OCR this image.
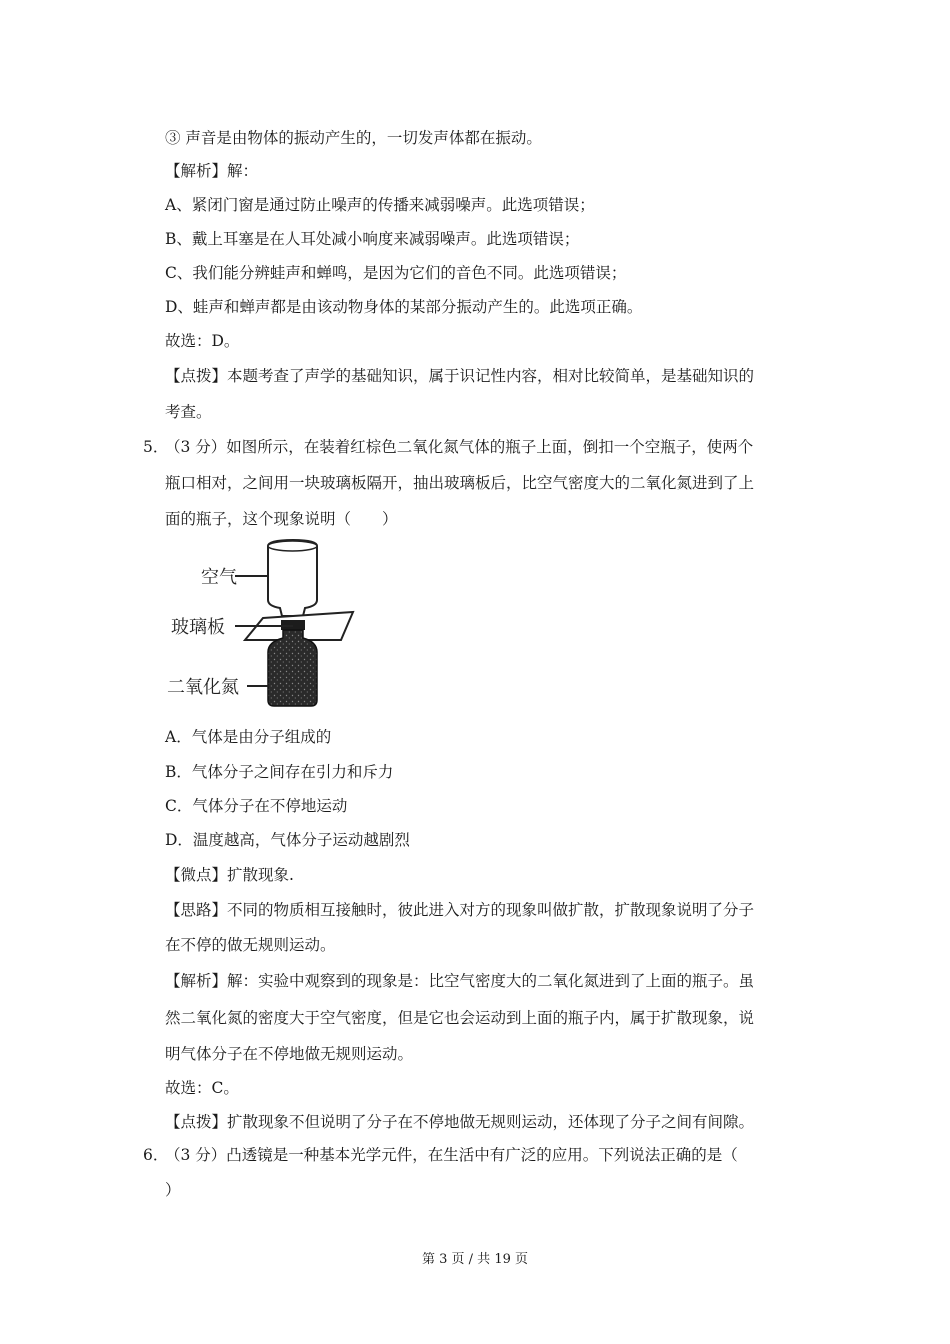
③ 声音是由物体的振动产生的，一切发声体都在振动。
【解析】解：
A、紧闭门窗是通过防止噪声的传播来减弱噪声。此选项错误；
B、戴上耳塞是在人耳处减小响度来减弱噪声。此选项错误；
C、我们能分辨蛙声和蝉鸣，是因为它们的音色不同。此选项错误；
D、蛙声和蝉声都是由该动物身体的某部分振动产生的。此选项正确。
故选：D。
【点拨】本题考查了声学的基础知识，属于识记性内容，相对比较简单，是基础知识的
考查。
5．
（3 分）如图所示，在装着红棕色二氧化氮气体的瓶子上面，倒扣一个空瓶子，使两个
瓶口相对，之间用一块玻璃板隔开，抽出玻璃板后，比空气密度大的二氧化氮进到了上
面的瓶子，这个现象说明（　　）
空气
玻璃板
二氧化氮
A．气体是由分子组成的
B．气体分子之间存在引力和斥力
C．气体分子在不停地运动
D．温度越高，气体分子运动越剧烈
【微点】扩散现象.
【思路】不同的物质相互接触时，彼此进入对方的现象叫做扩散，扩散现象说明了分子
在不停的做无规则运动。
【解析】解：实验中观察到的现象是：比空气密度大的二氧化氮进到了上面的瓶子。虽
然二氧化氮的密度大于空气密度，但是它也会运动到上面的瓶子内，属于扩散现象，说
明气体分子在不停地做无规则运动。
故选：C。
【点拨】扩散现象不但说明了分子在不停地做无规则运动，还体现了分子之间有间隙。
6．
（3 分）凸透镜是一种基本光学元件，在生活中有广泛的应用。下列说法正确的是（
）
第 3 页 / 共 19 页
